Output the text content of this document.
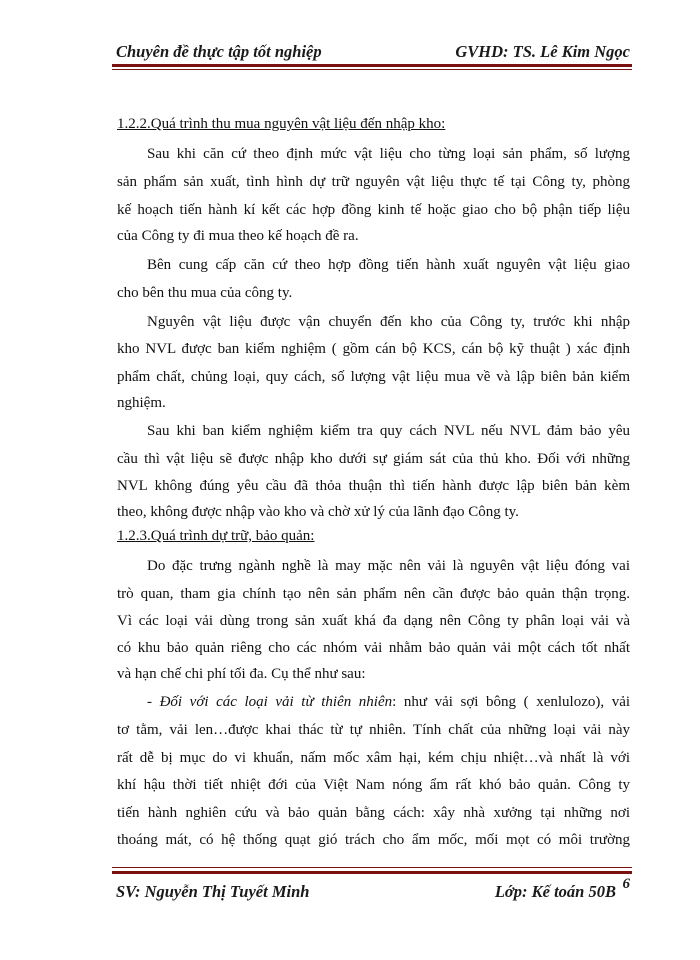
Chuyên đề thực tập tốt nghiệp	GVHD: TS. Lê Kim Ngọc
1.2.2.Quá trình thu mua nguyên vật liệu đến nhập kho:
Sau khi căn cứ theo định mức vật liệu cho từng loại sản phẩm, số lượng
sản phẩm sản xuất, tình hình dự trữ nguyên vật liệu thực tế tại Công ty, phòng
kế hoạch tiến hành kí kết các hợp đồng kinh tế hoặc giao cho bộ phận tiếp liệu
của Công ty đi mua theo kế hoạch đề ra.
Bên cung cấp căn cứ theo hợp đồng tiến hành xuất nguyên vật liệu giao
cho bên thu mua của công ty.
Nguyên vật liệu được vận chuyển đến kho của Công ty, trước khi nhập
kho NVL được ban kiểm nghiệm ( gồm cán bộ KCS, cán bộ kỹ thuật ) xác định
phẩm chất, chủng loại, quy cách, số lượng vật liệu mua về và lập biên bản kiểm
nghiệm.
Sau khi ban kiểm nghiệm kiểm tra quy cách NVL nếu NVL đảm bảo yêu
cầu thì vật liệu sẽ được nhập kho dưới sự giám sát của thủ kho. Đối với những
NVL không đúng yêu cầu đã thỏa thuận thì tiến hành được lập biên bản kèm
theo, không được nhập vào kho và chờ xử lý của lãnh đạo Công ty.
1.2.3.Quá trình dự trữ, bảo quản:
Do đặc trưng ngành nghề là may mặc nên vải là nguyên vật liệu đóng vai
trò quan, tham gia chính tạo nên sản phẩm nên cần được bảo quản thận trọng.
Vì các loại vải dùng trong sản xuất khá đa dạng nên Công ty phân loại vải và
có khu bảo quản riêng cho các nhóm vải nhằm bảo quản vải một cách tốt nhất
và hạn chế chi phí tối đa. Cụ thể như sau:
- Đối với các loại vải từ thiên nhiên: như vải sợi bông ( xenlulozo), vải
tơ tằm, vải len…được khai thác từ tự nhiên. Tính chất của những loại vải này
rất dễ bị mục do vi khuẩn, nấm mốc xâm hại, kém chịu nhiệt…và nhất là với
khí hậu thời tiết nhiệt đới của Việt Nam nóng ẩm rất khó bảo quản. Công ty
tiến hành nghiên cứu và bảo quản bằng cách: xây nhà xưởng tại những nơi
thoáng mát, có hệ thống quạt gió trách cho ẩm mốc, mối mọt có môi trường
SV: Nguyễn Thị Tuyết Minh	Lớp: Kế toán 50B 6
